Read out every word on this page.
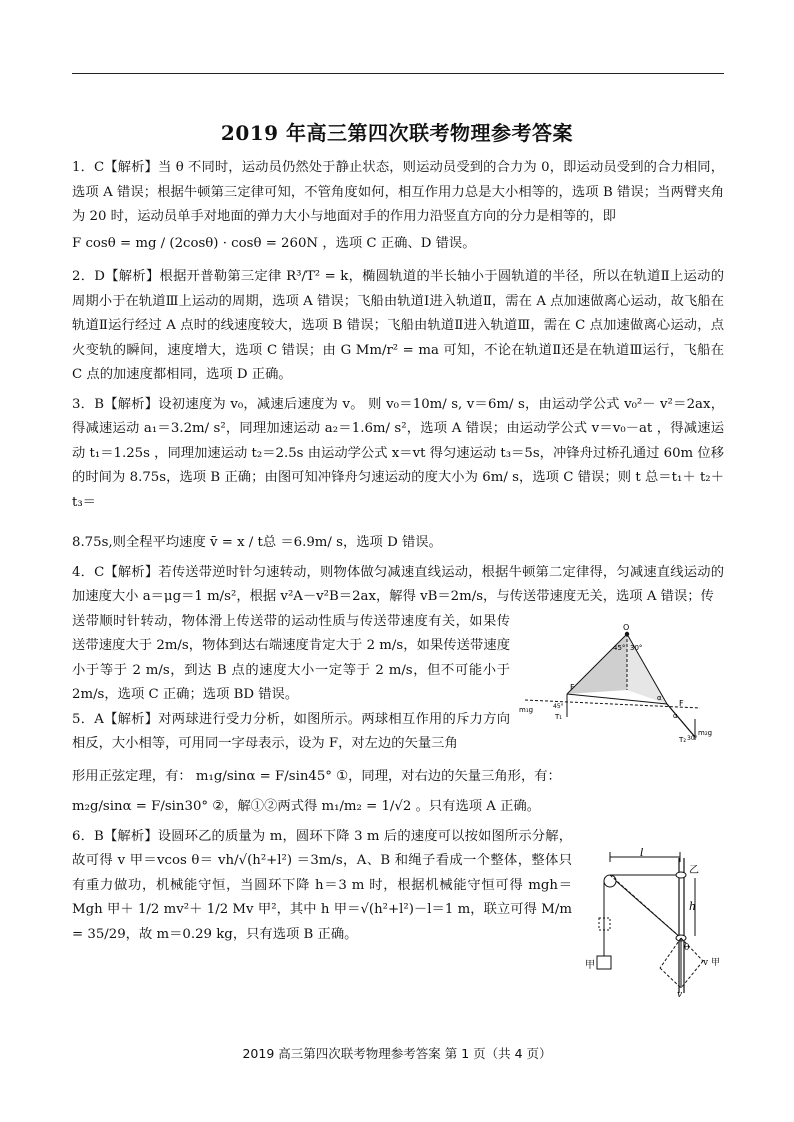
2019 年高三第四次联考物理参考答案

1．C【解析】当 θ 不同时，运动员仍然处于静止状态，则运动员受到的合力为 0，即运动员受到的合力相同，选项 A 错误；根据牛顿第三定律可知，不管角度如何，相互作用力总是大小相等的，选项 B 错误；当两臂夹角为 20 时，运动员单手对地面的弹力大小与地面对手的作用力沿竖直方向的分力是相等的，即

F cosθ = mg / (2cosθ) · cosθ = 260N ，选项 C 正确、D 错误。

2．D【解析】根据开普勒第三定律 R³/T² = k，椭圆轨道的半长轴小于圆轨道的半径，所以在轨道Ⅱ上运动的周期小于在轨道Ⅲ上运动的周期，选项 A 错误；飞船由轨道Ⅰ进入轨道Ⅱ，需在 A 点加速做离心运动，故飞船在轨道Ⅱ运行经过 A 点时的线速度较大，选项 B 错误；飞船由轨道Ⅱ进入轨道Ⅲ，需在 C 点加速做离心运动，点火变轨的瞬间，速度增大，选项 C 错误；由 G Mm/r² = ma 可知，不论在轨道Ⅱ还是在轨道Ⅲ运行，飞船在 C 点的加速度都相同，选项 D 正确。

3．B【解析】设初速度为 v₀，减速后速度为 v。 则 v₀＝10m/ s, v＝6m/ s，由运动学公式 v₀²－ v²＝2ax，得减速运动 a₁＝3.2m/ s²，同理加速运动 a₂＝1.6m/ s²，选项 A 错误；由运动学公式 v＝v₀－at ，得减速运动 t₁＝1.25s ，同理加速运动 t₂＝2.5s 由运动学公式 x＝vt 得匀速运动 t₃＝5s，冲锋舟过桥孔通过 60m 位移的时间为 8.75s，选项 B 正确；由图可知冲锋舟匀速运动的度大小为 6m/ s，选项 C 错误；则 t 总＝t₁＋ t₂＋ t₃＝

8.75s,则全程平均速度 v̄ = x / t总 ＝6.9m/ s，选项 D 错误。

4．C【解析】若传送带逆时针匀速转动，则物体做匀减速直线运动，根据牛顿第二定律得，匀减速直线运动的加速度大小 a＝μg＝1 m/s²，根据 v²A－v²B＝2ax，解得 vB＝2m/s，与传送带速度无关，选项 A 错误；传

送带顺时针转动，物体滑上传送带的运动性质与传送带速度有关，如果传送带速度大于 2m/s，物体到达右端速度肯定大于 2 m/s，如果传送带速度小于等于 2 m/s，到达 B 点的速度大小一定等于 2 m/s，但不可能小于 2m/s，选项 C 正确；选项 BD 错误。

5．A【解析】对两球进行受力分析，如图所示。两球相互作用的斥力方向相反，大小相等，可用同一字母表示，设为 F，对左边的矢量三角

形用正弦定理，有： m₁g/sinα = F/sin45° ①，同理，对右边的矢量三角形，有：

m₂g/sinα = F/sin30° ②，解①②两式得 m₁/m₂ = 1/√2 。只有选项 A 正确。

6．B【解析】设圆环乙的质量为 m，圆环下降 3 m 后的速度可以按如图所示分解，故可得 v 甲＝vcos θ＝ vh/√(h²+l²) ＝3m/s，A、B 和绳子看成一个整体，整体只有重力做功，机械能守恒，当圆环下降 h＝3 m 时，根据机械能守恒可得 mgh＝Mgh 甲＋ 1/2 mv²＋ 1/2 Mv 甲²，其中 h 甲＝√(h²+l²)－l＝1 m，联立可得 M/m = 35/29，故 m＝0.29 kg，只有选项 B 正确。

O
45° 30°
F
F
α
α
m₁g
T₁
T₂
m₂g
30°
45°
l
甲
乙
h
θ
v 甲
v
2019 高三第四次联考物理参考答案 第 1 页（共 4 页）
